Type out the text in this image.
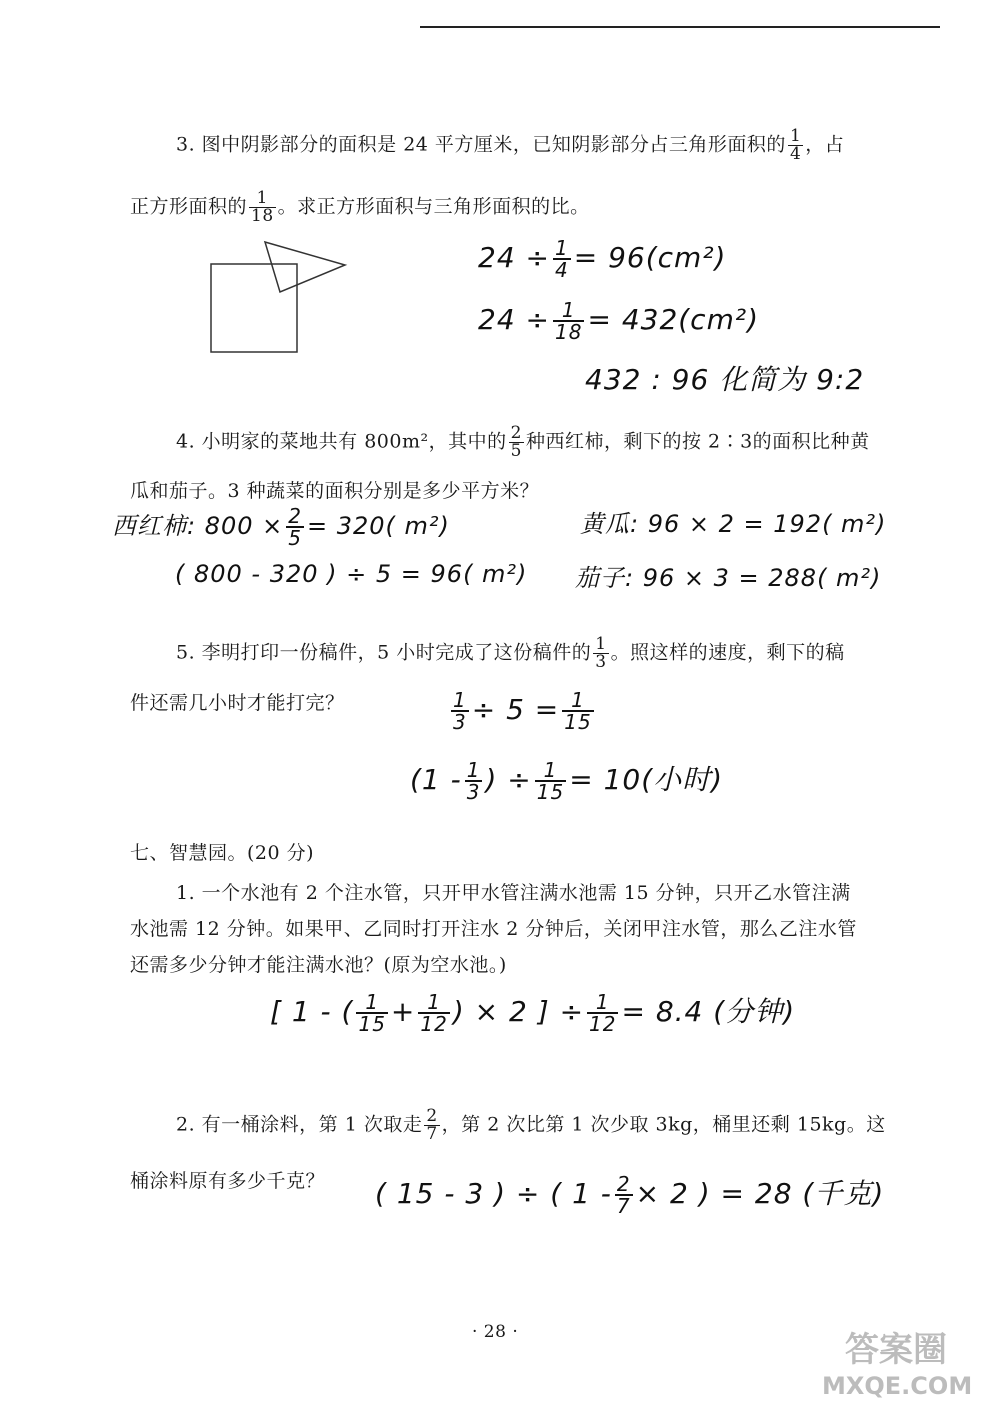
3. 图中阴影部分的面积是 24 平方厘米，已知阴影部分占三角形面积的 $\frac{1}{4}$ ，占
正方形面积的 $\frac{1}{18}$ 。求正方形面积与三角形面积的比。
$24 \div \frac{1}{4} = 96(cm^2)$
$24 \div \frac{1}{18} = 432(cm^2)$
432 : 96 化简为 9:2
4. 小明家的菜地共有 800m²，其中的 $\frac{2}{5}$ 种西红柿，剩下的按 2∶3的面积比种黄
瓜和茄子。3 种蔬菜的面积分别是多少平方米？
西红柿: $800 \times \frac{2}{5} = 320$( m²)
( 800 - 320 ) ÷ 5 = 96( m²)
黄瓜: 96 × 2 = 192( m²)
茄子: 96 × 3 = 288( m²)
5. 李明打印一份稿件，5 小时完成了这份稿件的 $\frac{1}{3}$ 。照这样的速度，剩下的稿
件还需几小时才能打完？	$\frac{1}{3} \div 5 = \frac{1}{15}$
($1 - \frac{1}{3}$ ) ÷ $\frac{1}{15} = 10$(小时)
七、智慧园。(20 分)
1. 一个水池有 2 个注水管，只开甲水管注满水池需 15 分钟，只开乙水管注满
水池需 12 分钟。如果甲、乙同时打开注水 2 分钟后，关闭甲注水管，那么乙注水管
还需多少分钟才能注满水池？(原为空水池。)
[ 1 - ( $\frac{1}{15} + \frac{1}{12}$ ) × 2 ] ÷ $\frac{1}{12} = 8.4$ (分钟)
2. 有一桶涂料，第 1 次取走 $\frac{2}{7}$ ，第 2 次比第 1 次少取 3kg，桶里还剩 15kg。这
桶涂料原有多少千克？ ( 15 - 3 ) ÷ ( $1 - \frac{2}{7} \times 2$ ) = 28 (千克)
· 28 ·	答案圈
MXQE.COM
